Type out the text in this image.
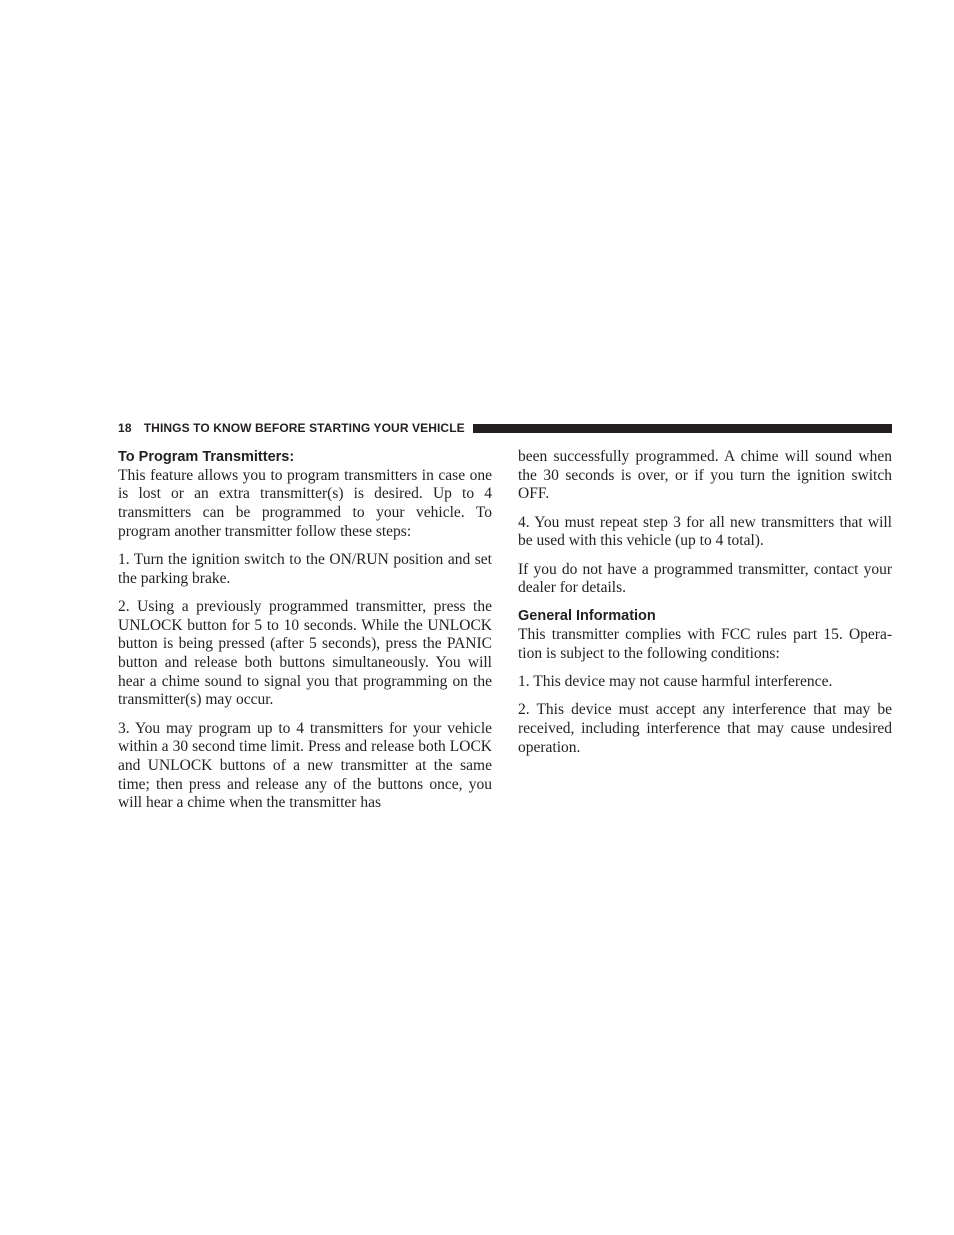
18 THINGS TO KNOW BEFORE STARTING YOUR VEHICLE
To Program Transmitters:

This feature allows you to program transmitters in case one is lost or an extra transmitter(s) is desired. Up to 4 transmitters can be programmed to your vehicle. To program another transmitter follow these steps:

1. Turn the ignition switch to the ON/RUN position and set the parking brake.

2. Using a previously programmed transmitter, press the UNLOCK button for 5 to 10 seconds. While the UNLOCK button is being pressed (after 5 seconds), press the PANIC button and release both buttons simultaneously. You will hear a chime sound to signal you that programming on the transmitter(s) may occur.

3. You may program up to 4 transmitters for your vehicle within a 30 second time limit. Press and release both LOCK and UNLOCK buttons of a new transmitter at the same time; then press and release any of the buttons once, you will hear a chime when the transmitter has

been successfully programmed. A chime will sound when the 30 seconds is over, or if you turn the ignition switch OFF.

4. You must repeat step 3 for all new transmitters that will be used with this vehicle (up to 4 total).

If you do not have a programmed transmitter, contact your dealer for details.

General Information

This transmitter complies with FCC rules part 15. Operation is subject to the following conditions:

1. This device may not cause harmful interference.

2. This device must accept any interference that may be received, including interference that may cause undesired operation.
